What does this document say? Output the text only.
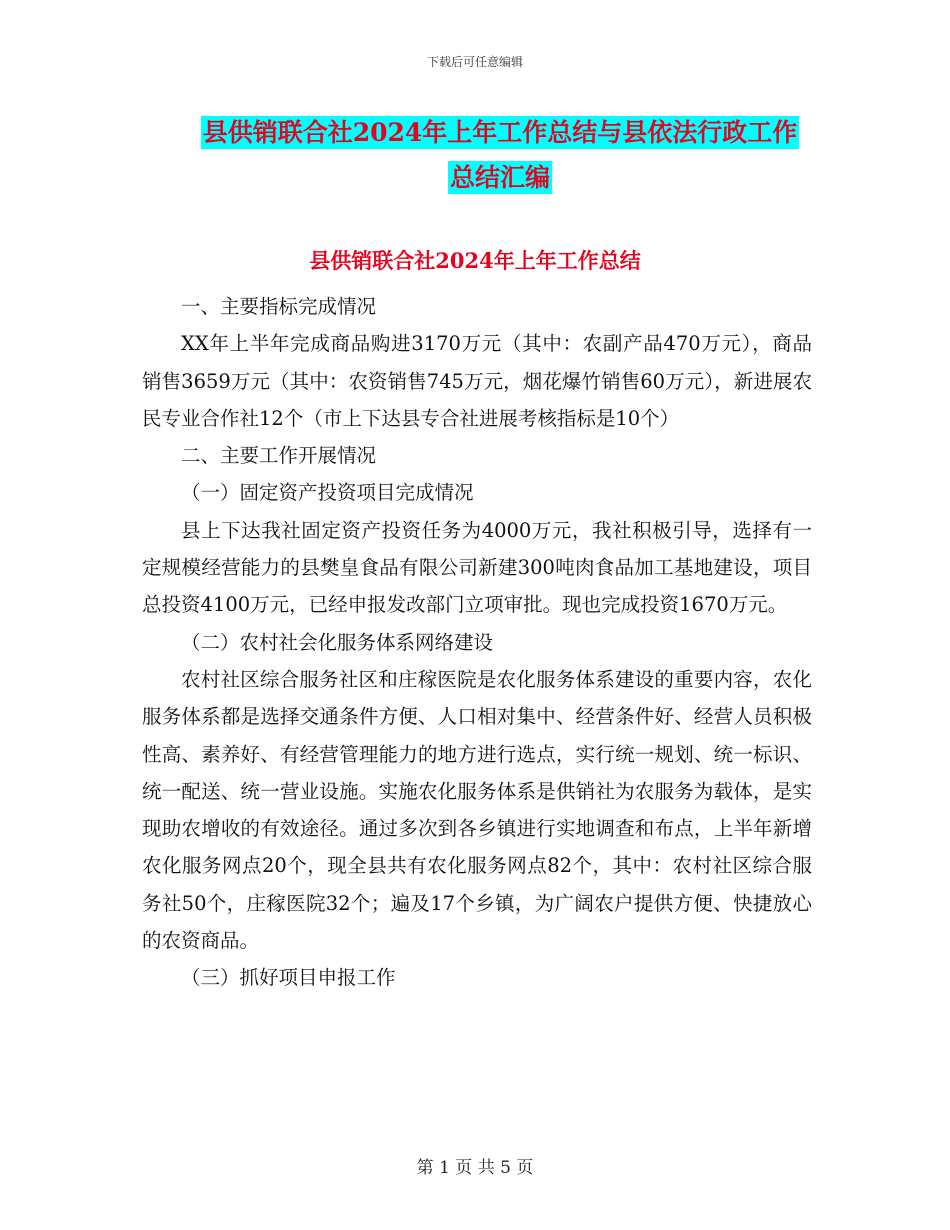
下载后可任意编辑
县供销联合社2024年上年工作总结与县依法行政工作
总结汇编
县供销联合社2024年上年工作总结

一、主要指标完成情况

XX年上半年完成商品购进3170万元（其中：农副产品470万元），商品销售3659万元（其中：农资销售745万元，烟花爆竹销售60万元），新进展农民专业合作社12个（市上下达县专合社进展考核指标是10个）

二、主要工作开展情况

（一）固定资产投资项目完成情况

县上下达我社固定资产投资任务为4000万元，我社积极引导，选择有一定规模经营能力的县樊皇食品有限公司新建300吨肉食品加工基地建设，项目总投资4100万元，已经申报发改部门立项审批。现也完成投资1670万元。

（二）农村社会化服务体系网络建设

农村社区综合服务社区和庄稼医院是农化服务体系建设的重要内容，农化服务体系都是选择交通条件方便、人口相对集中、经营条件好、经营人员积极性高、素养好、有经营管理能力的地方进行选点，实行统一规划、统一标识、统一配送、统一营业设施。实施农化服务体系是供销社为农服务为载体，是实现助农增收的有效途径。通过多次到各乡镇进行实地调查和布点，上半年新增农化服务网点20个，现全县共有农化服务网点82个，其中：农村社区综合服务社50个，庄稼医院32个；遍及17个乡镇，为广阔农户提供方便、快捷放心的农资商品。

（三）抓好项目申报工作

第 1 页 共 5 页
